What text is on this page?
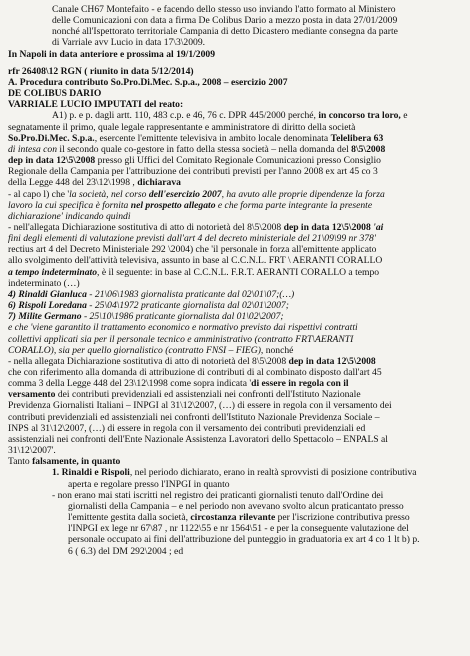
Canale CH67 Montefaito - e facendo dello stesso uso inviando l'atto formato al Ministero

delle Comunicazioni con data a firma De Colibus Dario a mezzo posta in data 27/01/2009

nonché all'Ispettorato territoriale Campania di detto Dicastero mediante consegna da parte

di Varriale avv Lucio in data 17\3\2009.

In Napoli in data anteriore e prossima al 19/1/2009

rfr 26408\12 RGN ( riunito in data 5/12/2014)

A. Procedura contributo So.Pro.Di.Mec. S.p.a., 2008 – esercizio 2007

DE COLIBUS DARIO

VARRIALE LUCIO IMPUTATI del reato:

A1) p. e p. dagli artt. 110, 483 c.p. e 46, 76 c. DPR 445/2000 perché, in concorso tra loro, e

segnatamente il primo, quale legale rappresentante e amministratore di diritto della società

So.Pro.Di.Mec. S.p.a., esercente l'emittente televisiva in ambito locale denominata Telelibera 63

di intesa con il secondo quale co-gestore in fatto della stessa società – nella domanda del 8\5\2008

dep in data 12\5\2008 presso gli Uffici del Comitato Regionale Comunicazioni presso Consiglio

Regionale della Campania per l'attribuzione dei contributi previsti per l'anno 2008 ex art 45 co 3

della Legge 448 del 23\12\1998 , dichiarava

- al capo l) che 'la società, nel corso dell'esercizio 2007, ha avuto alle proprie dipendenze la forza

lavoro la cui specifica è fornita nel prospetto allegato e che forma parte integrante la presente

dichiarazione' indicando quindi

- nell'allegata Dichiarazione sostitutiva di atto di notorietà del 8\5\2008 dep in data 12\5\2008 'ai

fini degli elementi di valutazione previsti dall'art 4 del decreto ministeriale del 21\09\99 nr 378'

rectius art 4 del Decreto Ministeriale 292 \2004) che 'il personale in forza all'emittente applicato

allo svolgimento dell'attività televisiva, assunto in base al C.C.N.L. FRT \ AERANTI CORALLO

a tempo indeterminato, è il seguente: in base al C.C.N.L. F.R.T. AERANTI CORALLO a tempo

indeterminato (…)

4) Rinaldi Gianluca - 21\06\1983 giornalista praticante dal 02\01\07;(…)

6) Rispoli Loredana - 25\04\1972 praticante giornalista dal 02\01\2007;

7) Milite Germano - 25\10\1986 praticante giornalista dal 01\02\2007;

e che 'viene garantito il trattamento economico e normativo previsto dai rispettivi contratti

collettivi applicati sia per il personale tecnico e amministrativo (contratto FRT\AERANTI

CORALLO), sia per quello giornalistico (contratto FNSI – FIEG), nonché

- nella allegata Dichiarazione sostitutiva di atto di notorietà del 8\5\2008 dep in data 12\5\2008

che con riferimento alla domanda di attribuzione di contributi di al combinato disposto dall'art 45

comma 3 della Legge 448 del 23\12\1998 come sopra indicata 'di essere in regola con il

versamento dei contributi previdenziali ed assistenziali nei confronti dell'Istituto Nazionale

Previdenza Giornalisti Italiani – INPGI al 31\12\2007, (…) di essere in regola con il versamento dei

contributi previdenziali ed assistenziali nei confronti dell'Istituto Nazionale Previdenza Sociale –

INPS al 31\12\2007, (…) di essere in regola con il versamento dei contributi previdenziali ed

assistenziali nei confronti dell'Ente Nazionale Assistenza Lavoratori dello Spettacolo – ENPALS al

31\12\2007'.

Tanto falsamente, in quanto

1. Rinaldi e Rispoli, nel periodo dichiarato, erano in realtà sprovvisti di posizione contributiva

aperta e regolare presso l'INPGI in quanto

- non erano mai stati iscritti nel registro dei praticanti giornalisti tenuto dall'Ordine dei

giornalisti della Campania – e nel periodo non avevano svolto alcun praticantato presso

l'emittente gestita dalla società, circostanza rilevante per l'iscrizione contributiva presso

l'INPGI ex lege nr 67\87 , nr 1122\55 e nr 1564\51 - e per la conseguente valutazione del

personale occupato ai fini dell'attribuzione del punteggio in graduatoria ex art 4 co 1 lt b) p.

6 ( 6.3) del DM 292\2004 ; ed
